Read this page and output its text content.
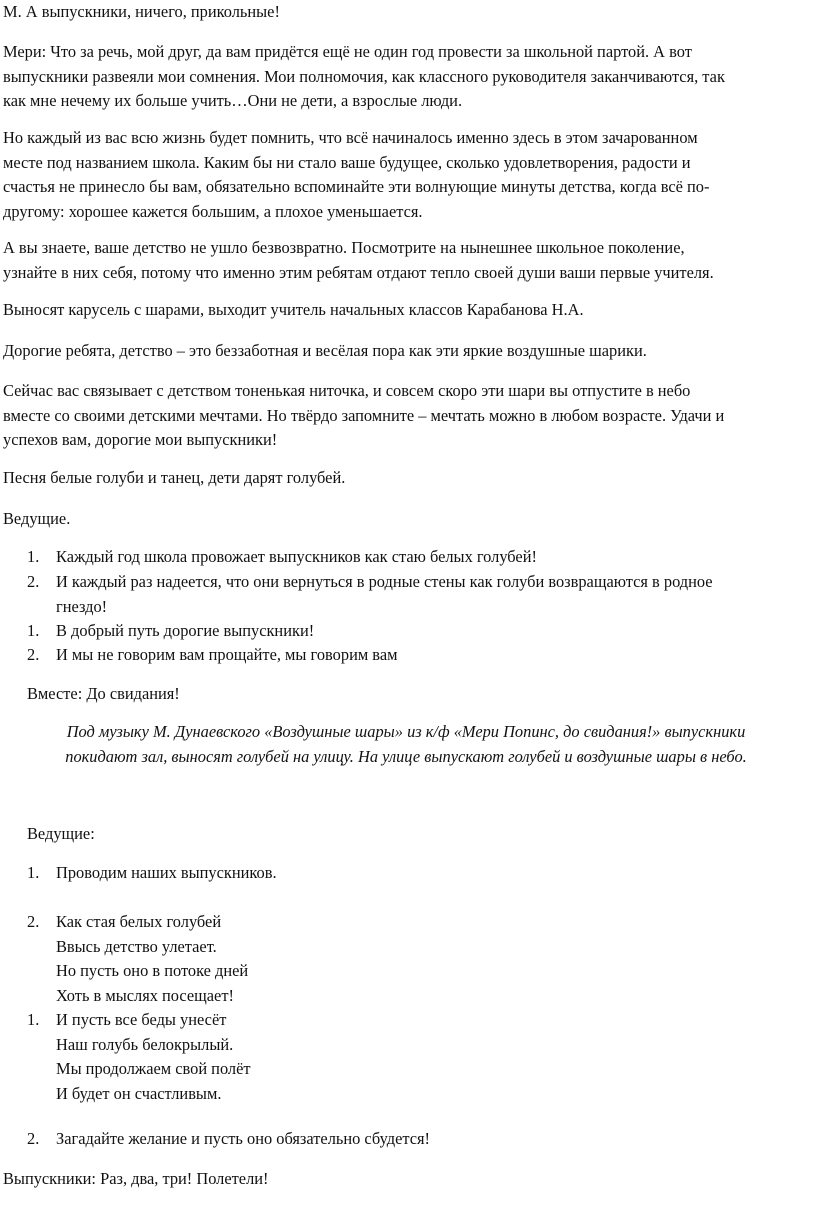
М. А выпускники, ничего, прикольные!

Мери: Что за речь, мой друг, да вам придётся ещё не один год провести за школьной партой. А вот
выпускники развеяли мои сомнения. Мои полномочия, как классного руководителя заканчиваются, так
как мне нечему их больше учить…Они не дети, а взрослые люди.

Но каждый из вас всю жизнь будет помнить, что всё начиналось именно здесь в этом зачарованном
месте под названием школа. Каким бы ни стало ваше будущее, сколько удовлетворения, радости и
счастья не принесло бы вам, обязательно вспоминайте эти волнующие минуты детства, когда всё по-
другому: хорошее кажется большим, а плохое уменьшается.

А вы знаете, ваше детство не ушло безвозвратно. Посмотрите на нынешнее школьное поколение,
узнайте в них себя, потому что именно этим ребятам отдают тепло своей души ваши первые учителя.

Выносят карусель с шарами, выходит учитель начальных классов Карабанова Н.А.

Дорогие ребята, детство – это беззаботная и весёлая пора как эти яркие воздушные шарики.

Сейчас вас связывает с детством тоненькая ниточка, и совсем скоро эти шари вы отпустите в небо
вместе со своими детскими мечтами. Но твёрдо запомните – мечтать можно в любом возрасте. Удачи и
успехов вам, дорогие мои выпускники!

Песня белые голуби и танец, дети дарят голубей.

Ведущие.

1.	Каждый год школа провожает выпускников как стаю белых голубей!
2.	И каждый раз надеется, что они вернуться в родные стены как голуби возвращаются в родное
гнездо!
1.	В добрый путь дорогие выпускники!
2.	И мы не говорим вам прощайте, мы говорим вам

Вместе: До свидания!

Под музыку М. Дунаевского «Воздушные шары» из к/ф «Мери Попинс, до свидания!» выпускники
покидают зал, выносят голубей на улицу. На улице выпускают голубей и воздушные шары в небо.

Ведущие:

1.	Проводим наших выпускников.
2.	Как стая белых голубей
Ввысь детство улетает.
Но пусть оно в потоке дней
Хоть в мыслях посещает!
1.	И пусть все беды унесёт
Наш голубь белокрылый.
Мы продолжаем свой полёт
И будет он счастливым.
2.	Загадайте желание и пусть оно обязательно сбудется!

Выпускники: Раз, два, три! Полетели!
